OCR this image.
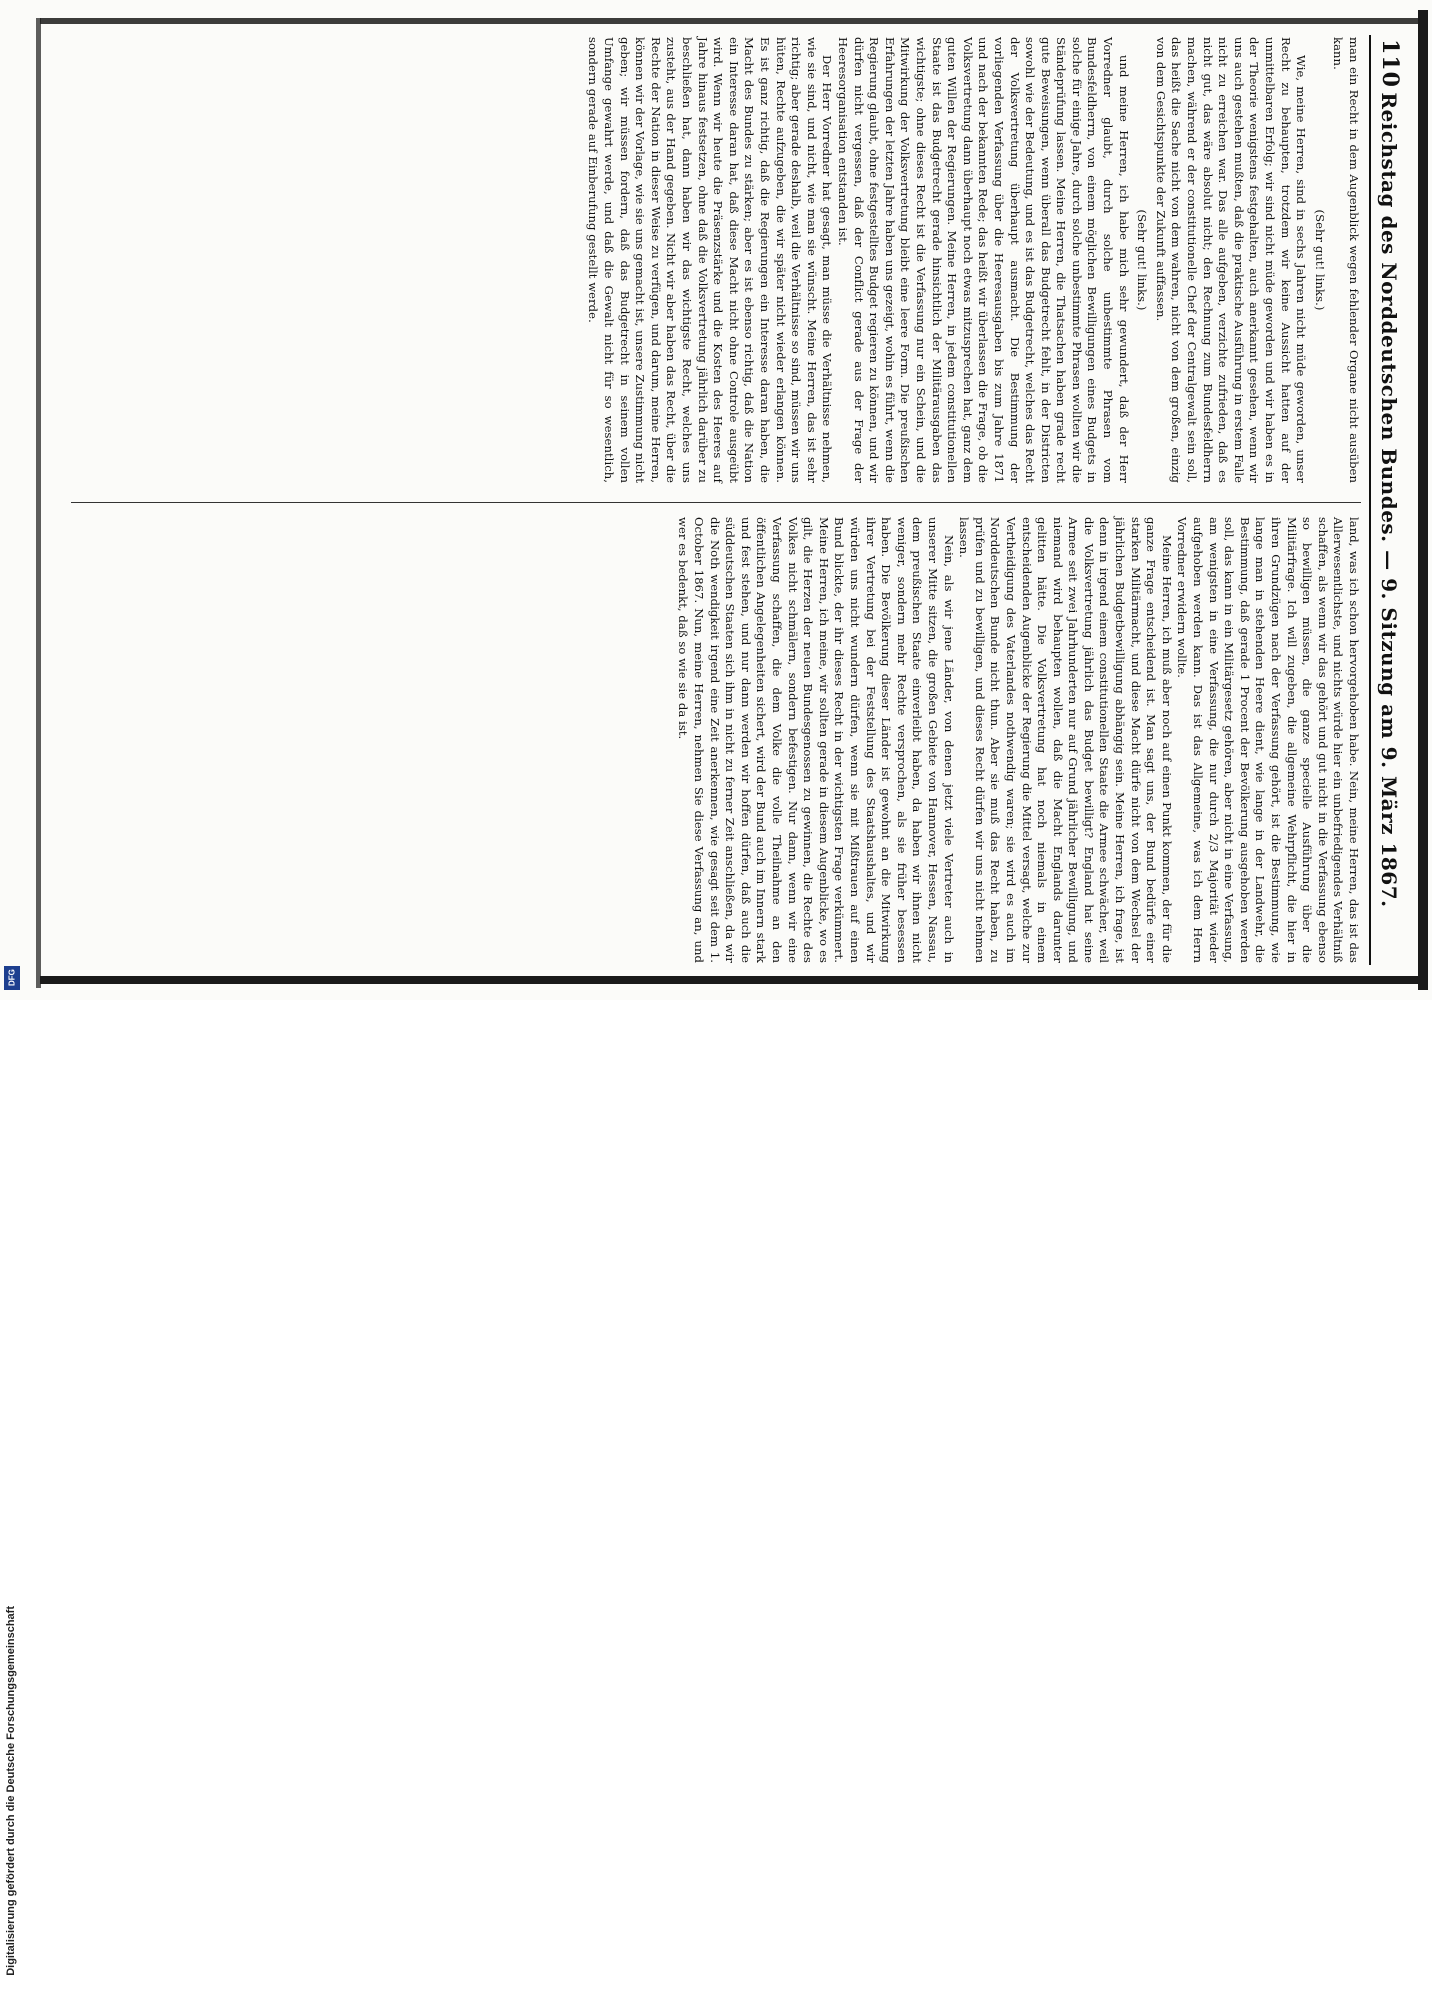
110
Reichstag des Norddeutschen Bundes. — 9. Sitzung am 9. März 1867.

man ein Recht in dem Augenblick wegen fehlender Organe nicht ausüben kann.

(Sehr gut! links.)

Wie, meine Herren, sind in sechs Jahren nicht müde geworden, unser Recht zu behaupten, trotzdem wir keine Aussicht hatten auf der unmittelbaren Erfolg; wir sind nicht müde geworden und wir haben es in der Theorie wenigstens festgehalten, auch anerkannt gesehen, wenn wir uns auch gestehen mußten, daß die praktische Ausführung in erstem Falle nicht zu erreichen war. Das alle aufgeben, verzichte zufrieden, daß es nicht gut, das wäre absolut nicht; den Rechnung zum Bundesfeldherrn machen, während er der constitutionelle Chef der Centralgewalt sein soll, das heißt die Sache nicht von dem wahren, nicht von dem großen, einzig von dem Gesichtspunkte der Zukunft auffassen.

(Sehr gut! links.)

und meine Herren, ich habe mich sehr gewundert, daß der Herr Vorredner glaubt, durch solche unbestimmte Phrasen vom Bundesfeldherrn, von einem möglichen Bewilligungen eines Budgets in solche für einige Jahre, durch solche unbestimmte Phrasen wollten wir die Ständeprüfung lassen. Meine Herren, die Thatsachen haben grade recht gute Beweisungen, wenn überall das Budgetrecht fehlt, in der Districten sowohl wie der Bedeutung, und es ist das Budgetrecht, welches das Recht der Volksvertretung überhaupt ausmacht. Die Bestimmung der vorliegenden Verfassung über die Heeresausgaben bis zum Jahre 1871 und nach der bekannten Rede; das heißt wir überlassen die Frage, ob die Volksvertretung dann überhaupt noch etwas mitzusprechen hat, ganz dem guten Willen der Regierungen. Meine Herren, in jedem constitutionellen Staate ist das Budgetrecht gerade hinsichtlich der Militärausgaben das wichtigste; ohne dieses Recht ist die Verfassung nur ein Schein, und die Mitwirkung der Volksvertretung bleibt eine leere Form. Die preußischen Erfahrungen der letzten Jahre haben uns gezeigt, wohin es führt, wenn die Regierung glaubt, ohne festgestelltes Budget regieren zu können, und wir dürfen nicht vergessen, daß der Conflict gerade aus der Frage der Heeresorganisation entstanden ist.

Der Herr Vorredner hat gesagt, man müsse die Verhältnisse nehmen, wie sie sind, und nicht, wie man sie wünscht. Meine Herren, das ist sehr richtig; aber gerade deshalb, weil die Verhältnisse so sind, müssen wir uns hüten, Rechte aufzugeben, die wir später nicht wieder erlangen können. Es ist ganz richtig, daß die Regierungen ein Interesse daran haben, die Macht des Bundes zu stärken; aber es ist ebenso richtig, daß die Nation ein Interesse daran hat, daß diese Macht nicht ohne Controle ausgeübt wird. Wenn wir heute die Präsenzstärke und die Kosten des Heeres auf Jahre hinaus festsetzen, ohne daß die Volksvertretung jährlich darüber zu beschließen hat, dann haben wir das wichtigste Recht, welches uns zusteht, aus der Hand gegeben. Nicht wir aber haben das Recht, über die Rechte der Nation in dieser Weise zu verfügen, und darum, meine Herren, können wir der Vorlage, wie sie uns gemacht ist, unsere Zustimmung nicht geben; wir müssen fordern, daß das Budgetrecht in seinem vollen Umfange gewahrt werde, und daß die Gewalt nicht für so wesentlich, sondern gerade auf Einberufung gestellt werde.

land, was ich schon hervorgehoben habe. Nein, meine Herren, das ist das Allerwesentlichste, und nichts würde hier ein unbefriedigendes Verhältniß schaffen, als wenn wir das gehört und gut nicht in die Verfassung ebenso so bewilligen müssen, die ganze specielle Ausführung über die Militärfrage. Ich will zugeben, die allgemeine Wehrpflicht, die hier in ihren Grundzügen nach der Verfassung gehört, ist die Bestimmung, wie lange man in stehenden Heere dient, wie lange in der Landwehr, die Bestimmung, daß gerade 1 Procent der Bevölkerung ausgehoben werden soll, das kann in ein Militärgesetz gehören, aber nicht in eine Verfassung, am wenigsten in eine Verfassung, die nur durch 2/3 Majorität wieder aufgehoben werden kann. Das ist das Allgemeine, was ich dem Herrn Vorredner erwidern wollte.

Meine Herren, ich muß aber noch auf einen Punkt kommen, der für die ganze Frage entscheidend ist. Man sagt uns, der Bund bedürfe einer starken Militärmacht, und diese Macht dürfe nicht von dem Wechsel der jährlichen Budgetbewilligung abhängig sein. Meine Herren, ich frage, ist denn in irgend einem constitutionellen Staate die Armee schwächer, weil die Volksvertretung jährlich das Budget bewilligt? England hat seine Armee seit zwei Jahrhunderten nur auf Grund jährlicher Bewilligung, und niemand wird behaupten wollen, daß die Macht Englands darunter gelitten hätte. Die Volksvertretung hat noch niemals in einem entscheidenden Augenblicke der Regierung die Mittel versagt, welche zur Vertheidigung des Vaterlandes nothwendig waren; sie wird es auch im Norddeutschen Bunde nicht thun. Aber sie muß das Recht haben, zu prüfen und zu bewilligen, und dieses Recht dürfen wir uns nicht nehmen lassen.

Nein, als wir jene Länder, von denen jetzt viele Vertreter auch in unserer Mitte sitzen, die großen Gebiete von Hannover, Hessen, Nassau, dem preußischen Staate einverleibt haben, da haben wir ihnen nicht weniger, sondern mehr Rechte versprochen, als sie früher besessen haben. Die Bevölkerung dieser Länder ist gewohnt an die Mitwirkung ihrer Vertretung bei der Feststellung des Staatshaushaltes, und wir würden uns nicht wundern dürfen, wenn sie mit Mißtrauen auf einen Bund blickte, der ihr dieses Recht in der wichtigsten Frage verkümmert. Meine Herren, ich meine, wir sollten gerade in diesem Augenblicke, wo es gilt, die Herzen der neuen Bundesgenossen zu gewinnen, die Rechte des Volkes nicht schmälern, sondern befestigen. Nur dann, wenn wir eine Verfassung schaffen, die dem Volke die volle Theilnahme an den öffentlichen Angelegenheiten sichert, wird der Bund auch im Innern stark und fest stehen, und nur dann werden wir hoffen dürfen, daß auch die süddeutschen Staaten sich ihm in nicht zu ferner Zeit anschließen, da wir die Noth wendigkeit irgend eine Zeit anerkennen, wie gesagt seit dem 1. October 1867. Nun, meine Herren, nehmen Sie diese Verfassung an, und wer es bedenkt, daß so wie sie da ist.

Digitalisierung gefördert durch die Deutsche Forschungsgemeinschaft
DFG
